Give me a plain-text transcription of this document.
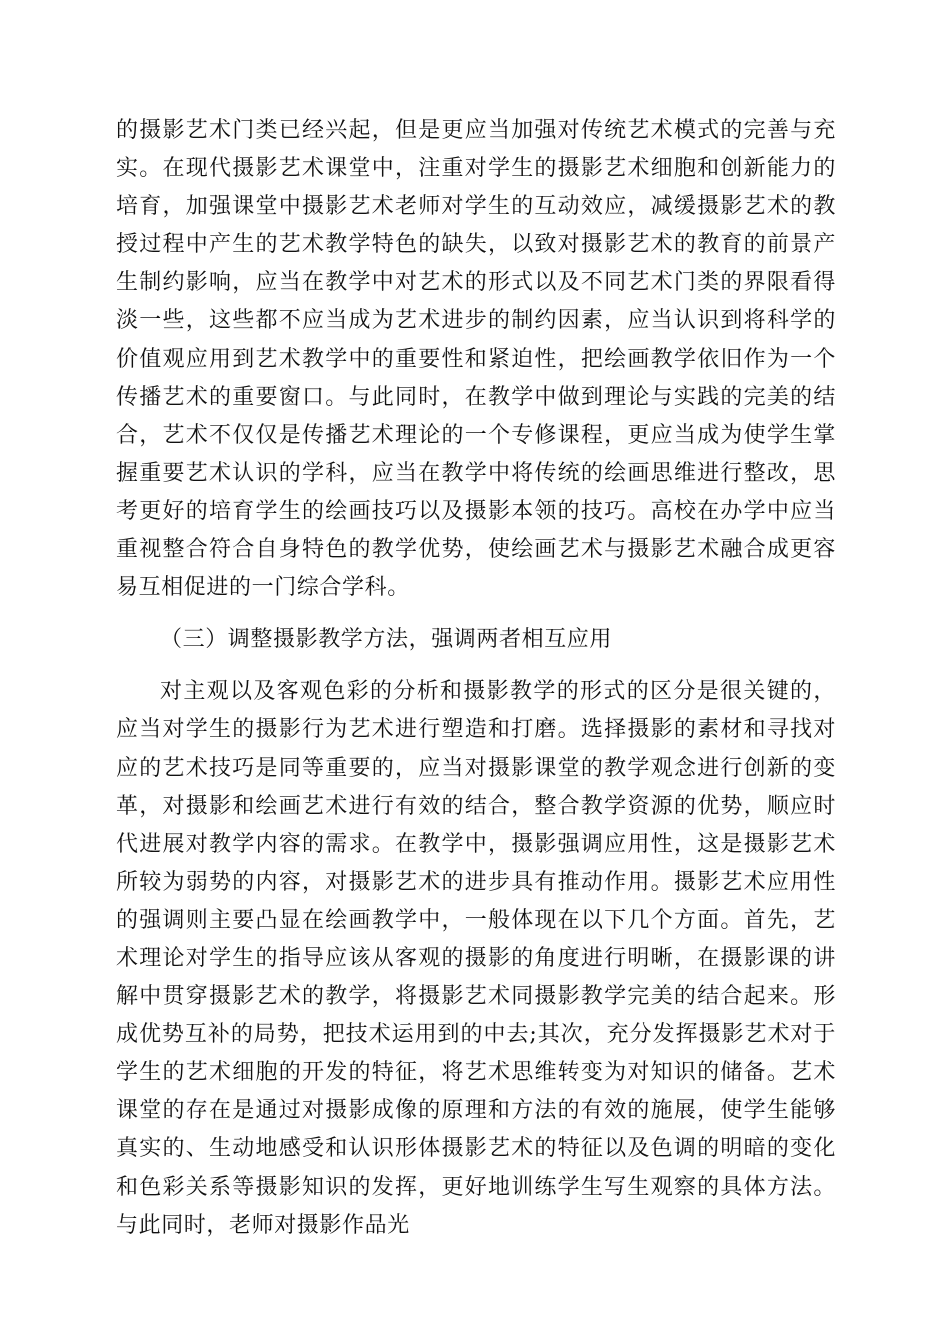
的摄影艺术门类已经兴起，但是更应当加强对传统艺术模式的完善与充实。在现代摄影艺术课堂中，注重对学生的摄影艺术细胞和创新能力的培育，加强课堂中摄影艺术老师对学生的互动效应，减缓摄影艺术的教授过程中产生的艺术教学特色的缺失，以致对摄影艺术的教育的前景产生制约影响，应当在教学中对艺术的形式以及不同艺术门类的界限看得淡一些，这些都不应当成为艺术进步的制约因素，应当认识到将科学的价值观应用到艺术教学中的重要性和紧迫性，把绘画教学依旧作为一个传播艺术的重要窗口。与此同时，在教学中做到理论与实践的完美的结合，艺术不仅仅是传播艺术理论的一个专修课程，更应当成为使学生掌握重要艺术认识的学科，应当在教学中将传统的绘画思维进行整改，思考更好的培育学生的绘画技巧以及摄影本领的技巧。高校在办学中应当重视整合符合自身特色的教学优势，使绘画艺术与摄影艺术融合成更容易互相促进的一门综合学科。

（三）调整摄影教学方法，强调两者相互应用

对主观以及客观色彩的分析和摄影教学的形式的区分是很关键的，应当对学生的摄影行为艺术进行塑造和打磨。选择摄影的素材和寻找对应的艺术技巧是同等重要的，应当对摄影课堂的教学观念进行创新的变革，对摄影和绘画艺术进行有效的结合，整合教学资源的优势，顺应时代进展对教学内容的需求。在教学中，摄影强调应用性，这是摄影艺术所较为弱势的内容，对摄影艺术的进步具有推动作用。摄影艺术应用性的强调则主要凸显在绘画教学中，一般体现在以下几个方面。首先，艺术理论对学生的指导应该从客观的摄影的角度进行明晰，在摄影课的讲解中贯穿摄影艺术的教学，将摄影艺术同摄影教学完美的结合起来。形成优势互补的局势，把技术运用到的中去;其次，充分发挥摄影艺术对于学生的艺术细胞的开发的特征，将艺术思维转变为对知识的储备。艺术课堂的存在是通过对摄影成像的原理和方法的有效的施展，使学生能够真实的、生动地感受和认识形体摄影艺术的特征以及色调的明暗的变化和色彩关系等摄影知识的发挥，更好地训练学生写生观察的具体方法。与此同时，老师对摄影作品光
